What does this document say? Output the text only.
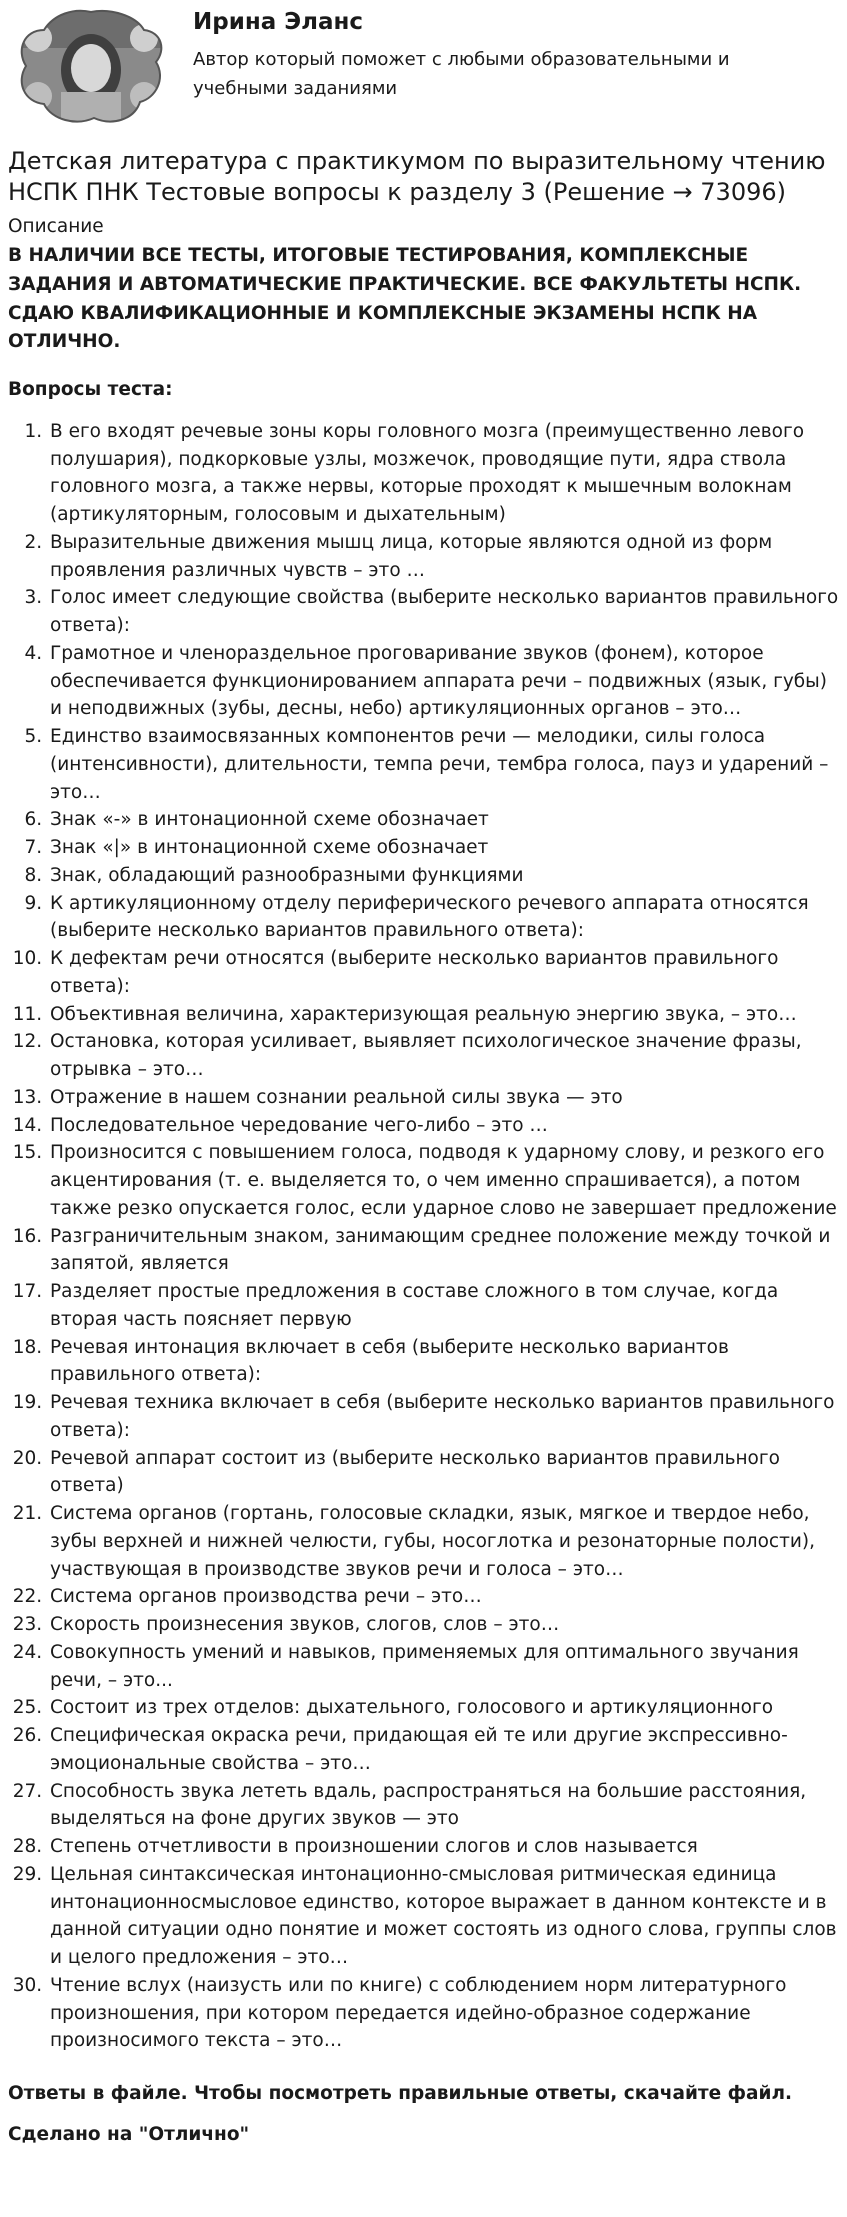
Ирина Эланс
Автор который поможет с любыми образовательными и учебными заданиями
Детская литература с практикумом по выразительному чтению НСПК ПНК Тестовые вопросы к разделу 3 (Решение → 73096)
Описание
В НАЛИЧИИ ВСЕ ТЕСТЫ, ИТОГОВЫЕ ТЕСТИРОВАНИЯ, КОМПЛЕКСНЫЕ ЗАДАНИЯ И АВТОМАТИЧЕСКИЕ ПРАКТИЧЕСКИЕ. ВСЕ ФАКУЛЬТЕТЫ НСПК. СДАЮ КВАЛИФИКАЦИОННЫЕ И КОМПЛЕКСНЫЕ ЭКЗАМЕНЫ НСПК НА ОТЛИЧНО.
Вопросы теста:
1. В его входят речевые зоны коры головного мозга (преимущественно левого полушария), подкорковые узлы, мозжечок, проводящие пути, ядра ствола головного мозга, а также нервы, которые проходят к мышечным волокнам (артикуляторным, голосовым и дыхательным)
2. Выразительные движения мышц лица, которые являются одной из форм проявления различных чувств – это …
3. Голос имеет следующие свойства (выберите несколько вариантов правильного ответа):
4. Грамотное и членораздельное проговаривание звуков (фонем), которое обеспечивается функционированием аппарата речи – подвижных (язык, губы) и неподвижных (зубы, десны, небо) артикуляционных органов – это…
5. Единство взаимосвязанных компонентов речи — мелодики, силы голоса (интенсивности), длительности, темпа речи, тембра голоса, пауз и ударений – это…
6. Знак «-» в интонационной схеме обозначает
7. Знак «|» в интонационной схеме обозначает
8. Знак, обладающий разнообразными функциями
9. К артикуляционному отделу периферического речевого аппарата относятся (выберите несколько вариантов правильного ответа):
10. К дефектам речи относятся (выберите несколько вариантов правильного ответа):
11. Объективная величина, характеризующая реальную энергию звука, – это…
12. Остановка, которая усиливает, выявляет психологическое значение фразы, отрывка – это…
13. Отражение в нашем сознании реальной силы звука — это
14. Последовательное чередование чего-либо – это …
15. Произносится с повышением голоса, подводя к ударному слову, и резкого его акцентирования (т. е. выделяется то, о чем именно спрашивается), а потом также резко опускается голос, если ударное слово не завершает предложение
16. Разграничительным знаком, занимающим среднее положение между точкой и запятой, является
17. Разделяет простые предложения в составе сложного в том случае, когда вторая часть поясняет первую
18. Речевая интонация включает в себя (выберите несколько вариантов правильного ответа):
19. Речевая техника включает в себя (выберите несколько вариантов правильного ответа):
20. Речевой аппарат состоит из (выберите несколько вариантов правильного ответа)
21. Система органов (гортань, голосовые складки, язык, мягкое и твердое небо, зубы верхней и нижней челюсти, губы, носоглотка и резонаторные полости), участвующая в производстве звуков речи и голоса – это…
22. Система органов производства речи – это…
23. Скорость произнесения звуков, слогов, слов – это…
24. Совокупность умений и навыков, применяемых для оптимального звучания речи, – это...
25. Состоит из трех отделов: дыхательного, голосового и артикуляционного
26. Специфическая окраска речи, придающая ей те или другие экспрессивно-эмоциональные свойства – это…
27. Способность звука лететь вдаль, распространяться на большие расстояния, выделяться на фоне других звуков — это
28. Степень отчетливости в произношении слогов и слов называется
29. Цельная синтаксическая интонационно-смысловая ритмическая единица интонационносмысловое единство, которое выражает в данном контексте и в данной ситуации одно понятие и может состоять из одного слова, группы слов и целого предложения – это…
30. Чтение вслух (наизусть или по книге) с соблюдением норм литературного произношения, при котором передается идейно-образное содержание произносимого текста – это…
Ответы в файле. Чтобы посмотреть правильные ответы, скачайте файл.
Сделано на "Отлично"
